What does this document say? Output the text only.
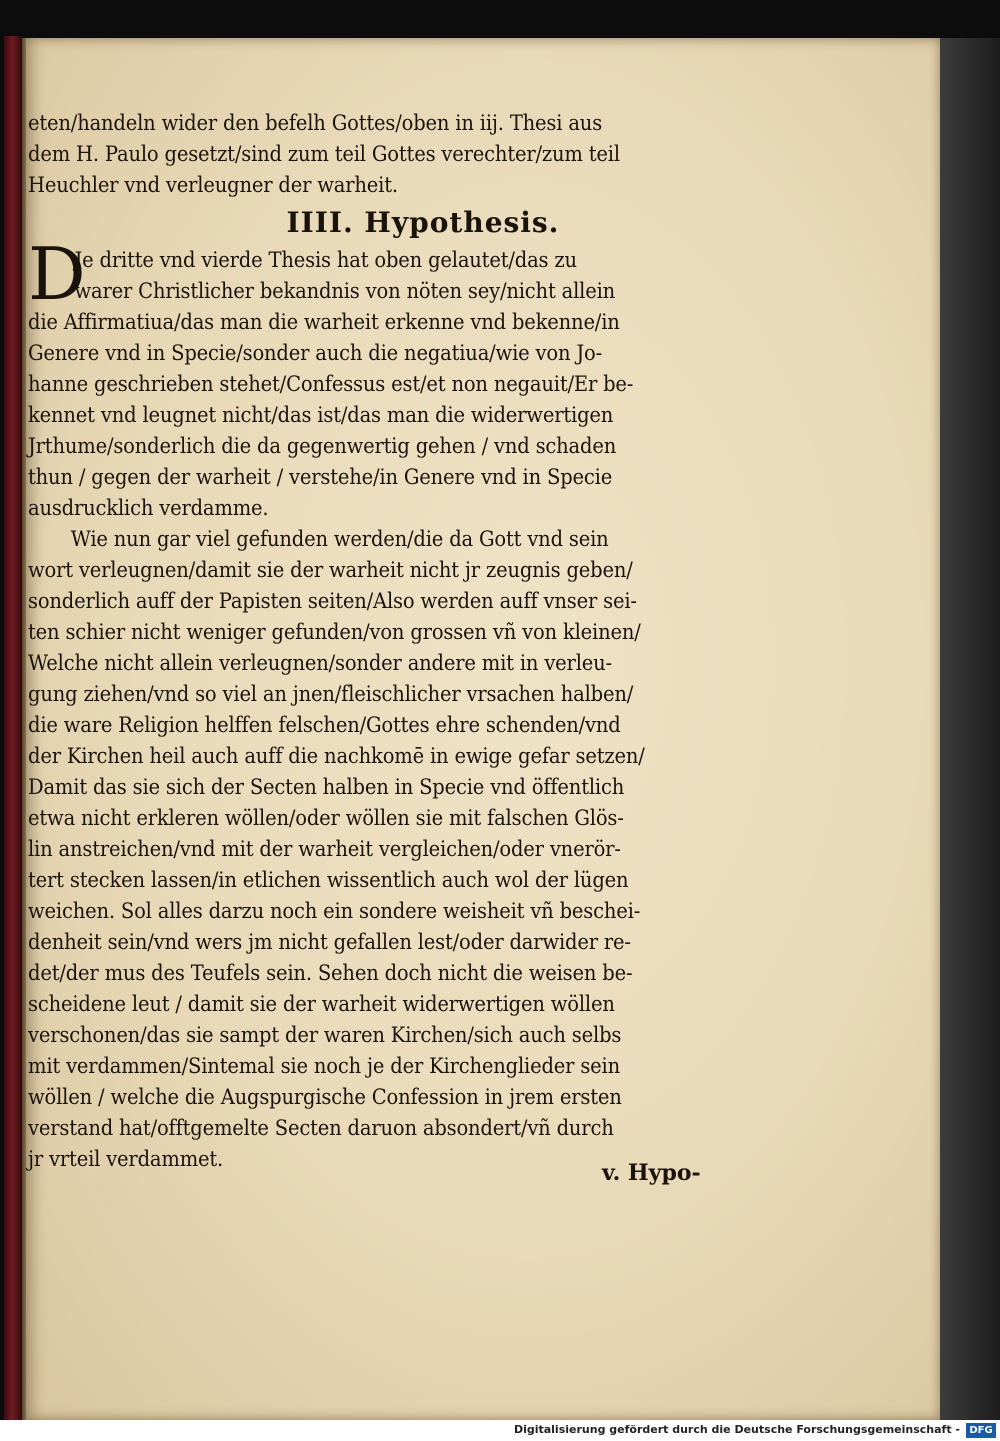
eten/handeln wider den befelh Gottes/oben in iij. Thesi aus
dem H. Paulo gesetzt/sind zum teil Gottes verechter/zum teil
Heuchler vnd verleugner der warheit.
IIII. Hypothesis.
D
Je dritte vnd vierde Thesis hat oben gelautet/das zu
warer Christlicher bekandnis von nöten sey/nicht allein
die Affirmatiua/das man die warheit erkenne vnd bekenne/in
Genere vnd in Specie/sonder auch die negatiua/wie von Jo-
hanne geschrieben stehet/Confessus est/et non negauit/Er be-
kennet vnd leugnet nicht/das ist/das man die widerwertigen
Jrthume/sonderlich die da gegenwertig gehen / vnd schaden
thun / gegen der warheit / verstehe/in Genere vnd in Specie
ausdrucklich verdamme.
Wie nun gar viel gefunden werden/die da Gott vnd sein
wort verleugnen/damit sie der warheit nicht jr zeugnis geben/
sonderlich auff der Papisten seiten/Also werden auff vnser sei-
ten schier nicht weniger gefunden/von grossen vñ von kleinen/
Welche nicht allein verleugnen/sonder andere mit in verleu-
gung ziehen/vnd so viel an jnen/fleischlicher vrsachen halben/
die ware Religion helffen felschen/Gottes ehre schenden/vnd
der Kirchen heil auch auff die nachkomē in ewige gefar setzen/
Damit das sie sich der Secten halben in Specie vnd öffentlich
etwa nicht erkleren wöllen/oder wöllen sie mit falschen Glös-
lin anstreichen/vnd mit der warheit vergleichen/oder vnerör-
tert stecken lassen/in etlichen wissentlich auch wol der lügen
weichen. Sol alles darzu noch ein sondere weisheit vñ beschei-
denheit sein/vnd wers jm nicht gefallen lest/oder darwider re-
det/der mus des Teufels sein. Sehen doch nicht die weisen be-
scheidene leut / damit sie der warheit widerwertigen wöllen
verschonen/das sie sampt der waren Kirchen/sich auch selbs
mit verdammen/Sintemal sie noch je der Kirchenglieder sein
wöllen / welche die Augspurgische Confession in jrem ersten
verstand hat/offtgemelte Secten daruon absondert/vñ durch
jr vrteil verdammet.
v. Hypo-
Digitalisierung gefördert durch die Deutsche Forschungsgemeinschaft - DFG
